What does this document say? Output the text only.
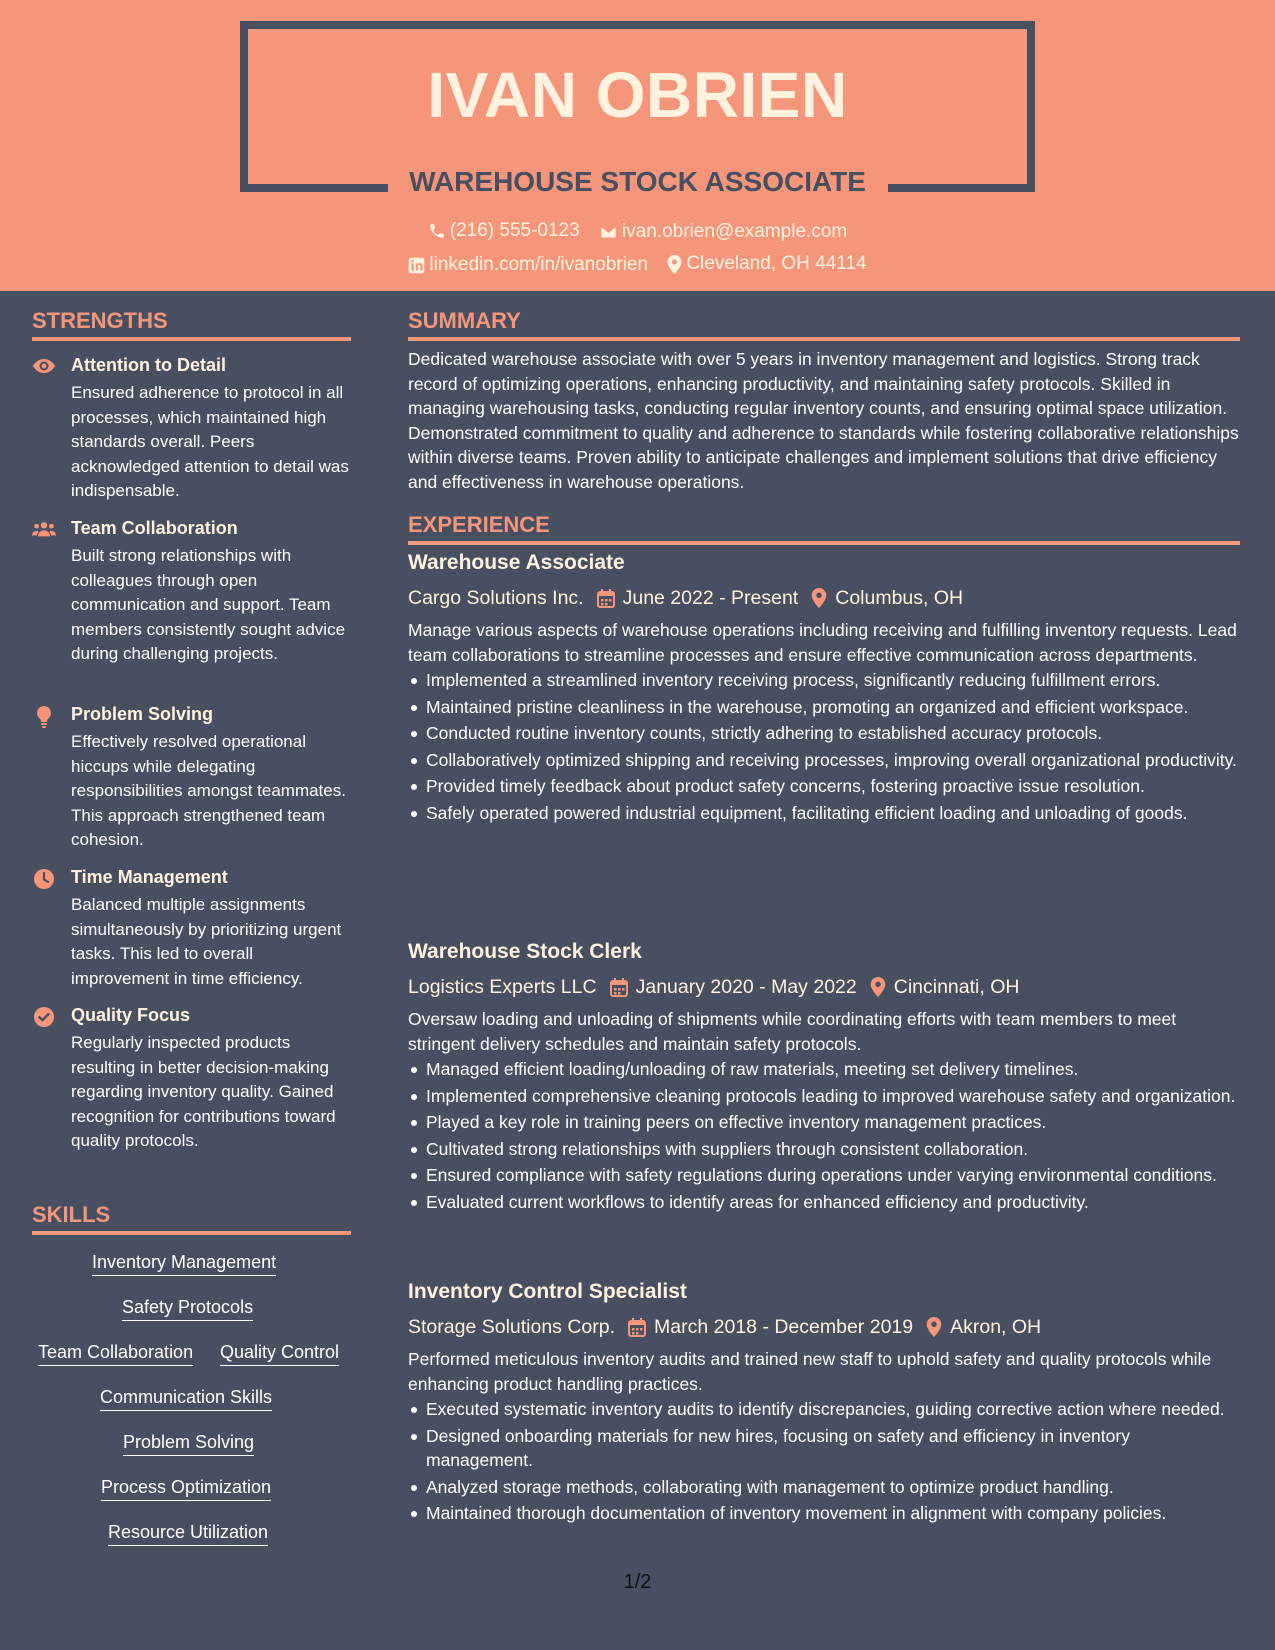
IVAN OBRIEN
WAREHOUSE STOCK ASSOCIATE
(216) 555-0123
ivan.obrien@example.com
linkedin.com/in/ivanobrien
Cleveland, OH 44114
STRENGTHS
Attention to Detail
Ensured adherence to protocol in all processes, which maintained high standards overall. Peers acknowledged attention to detail was indispensable.
Team Collaboration
Built strong relationships with colleagues through open communication and support. Team members consistently sought advice during challenging projects.
Problem Solving
Effectively resolved operational hiccups while delegating responsibilities amongst teammates. This approach strengthened team cohesion.
Time Management
Balanced multiple assignments simultaneously by prioritizing urgent tasks. This led to overall improvement in time efficiency.
Quality Focus
Regularly inspected products resulting in better decision-making regarding inventory quality. Gained recognition for contributions toward quality protocols.
SKILLS
Inventory Management
Safety Protocols
Team Collaboration Quality Control
Communication Skills
Problem Solving
Process Optimization
Resource Utilization
SUMMARY
Dedicated warehouse associate with over 5 years in inventory management and logistics. Strong track record of optimizing operations, enhancing productivity, and maintaining safety protocols. Skilled in managing warehousing tasks, conducting regular inventory counts, and ensuring optimal space utilization. Demonstrated commitment to quality and adherence to standards while fostering collaborative relationships within diverse teams. Proven ability to anticipate challenges and implement solutions that drive efficiency and effectiveness in warehouse operations.
EXPERIENCE
Warehouse Associate
Cargo Solutions Inc. June 2022 - Present Columbus, OH
Manage various aspects of warehouse operations including receiving and fulfilling inventory requests. Lead team collaborations to streamline processes and ensure effective communication across departments.
Implemented a streamlined inventory receiving process, significantly reducing fulfillment errors.
Maintained pristine cleanliness in the warehouse, promoting an organized and efficient workspace.
Conducted routine inventory counts, strictly adhering to established accuracy protocols.
Collaboratively optimized shipping and receiving processes, improving overall organizational productivity.
Provided timely feedback about product safety concerns, fostering proactive issue resolution.
Safely operated powered industrial equipment, facilitating efficient loading and unloading of goods.
Warehouse Stock Clerk
Logistics Experts LLC January 2020 - May 2022 Cincinnati, OH
Oversaw loading and unloading of shipments while coordinating efforts with team members to meet stringent delivery schedules and maintain safety protocols.
Managed efficient loading/unloading of raw materials, meeting set delivery timelines.
Implemented comprehensive cleaning protocols leading to improved warehouse safety and organization.
Played a key role in training peers on effective inventory management practices.
Cultivated strong relationships with suppliers through consistent collaboration.
Ensured compliance with safety regulations during operations under varying environmental conditions.
Evaluated current workflows to identify areas for enhanced efficiency and productivity.
Inventory Control Specialist
Storage Solutions Corp. March 2018 - December 2019 Akron, OH
Performed meticulous inventory audits and trained new staff to uphold safety and quality protocols while enhancing product handling practices.
Executed systematic inventory audits to identify discrepancies, guiding corrective action where needed.
Designed onboarding materials for new hires, focusing on safety and efficiency in inventory management.
Analyzed storage methods, collaborating with management to optimize product handling.
Maintained thorough documentation of inventory movement in alignment with company policies.
1/2
